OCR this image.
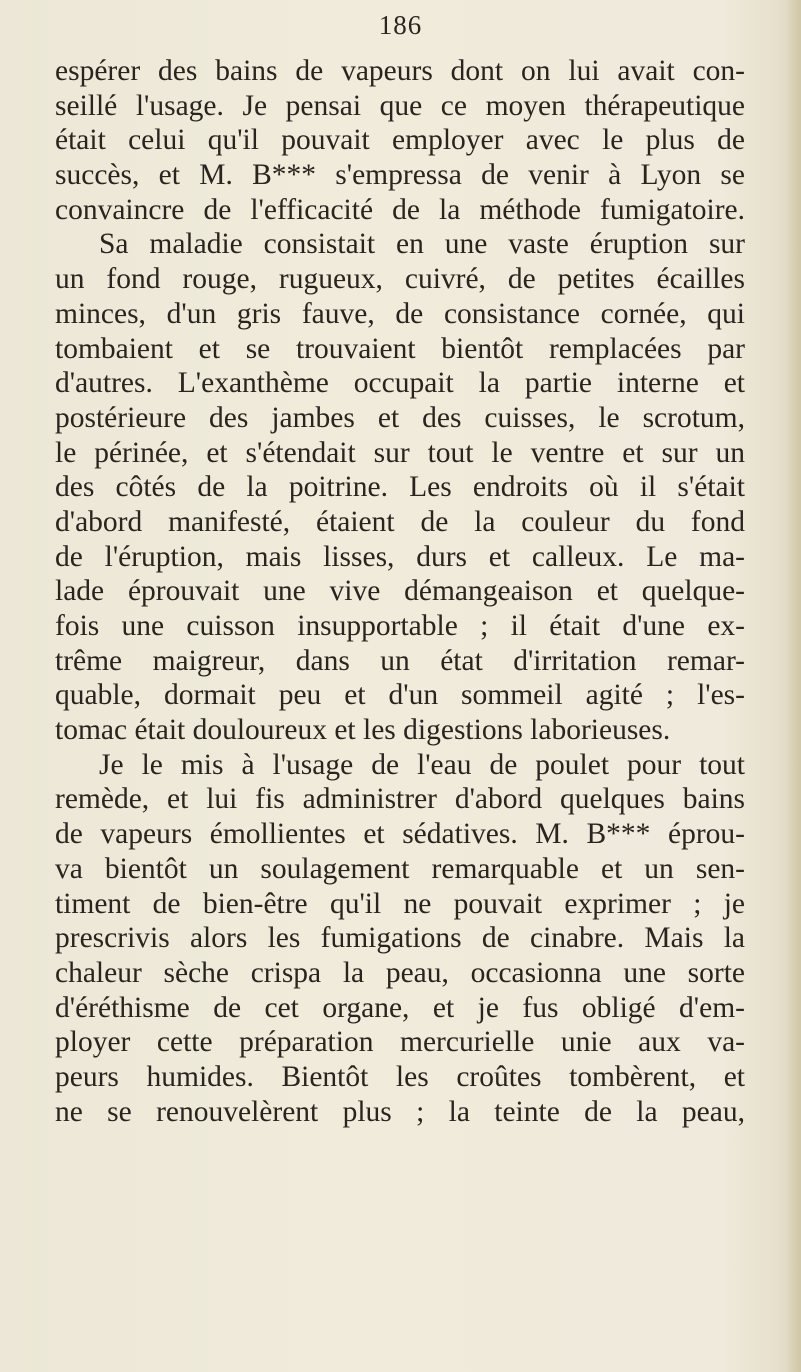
186
espérer des bains de vapeurs dont on lui avait con-
seillé l'usage. Je pensai que ce moyen thérapeutique
était celui qu'il pouvait employer avec le plus de
succès, et M. B*** s'empressa de venir à Lyon se
convaincre de l'efficacité de la méthode fumigatoire.
Sa maladie consistait en une vaste éruption sur
un fond rouge, rugueux, cuivré, de petites écailles
minces, d'un gris fauve, de consistance cornée, qui
tombaient et se trouvaient bientôt remplacées par
d'autres. L'exanthème occupait la partie interne et
postérieure des jambes et des cuisses, le scrotum,
le périnée, et s'étendait sur tout le ventre et sur un
des côtés de la poitrine. Les endroits où il s'était
d'abord manifesté, étaient de la couleur du fond
de l'éruption, mais lisses, durs et calleux. Le ma-
lade éprouvait une vive démangeaison et quelque-
fois une cuisson insupportable ; il était d'une ex-
trême maigreur, dans un état d'irritation remar-
quable, dormait peu et d'un sommeil agité ; l'es-
tomac était douloureux et les digestions laborieuses.
Je le mis à l'usage de l'eau de poulet pour tout
remède, et lui fis administrer d'abord quelques bains
de vapeurs émollientes et sédatives. M. B*** éprou-
va bientôt un soulagement remarquable et un sen-
timent de bien-être qu'il ne pouvait exprimer ; je
prescrivis alors les fumigations de cinabre. Mais la
chaleur sèche crispa la peau, occasionna une sorte
d'éréthisme de cet organe, et je fus obligé d'em-
ployer cette préparation mercurielle unie aux va-
peurs humides. Bientôt les croûtes tombèrent, et
ne se renouvelèrent plus ; la teinte de la peau,
